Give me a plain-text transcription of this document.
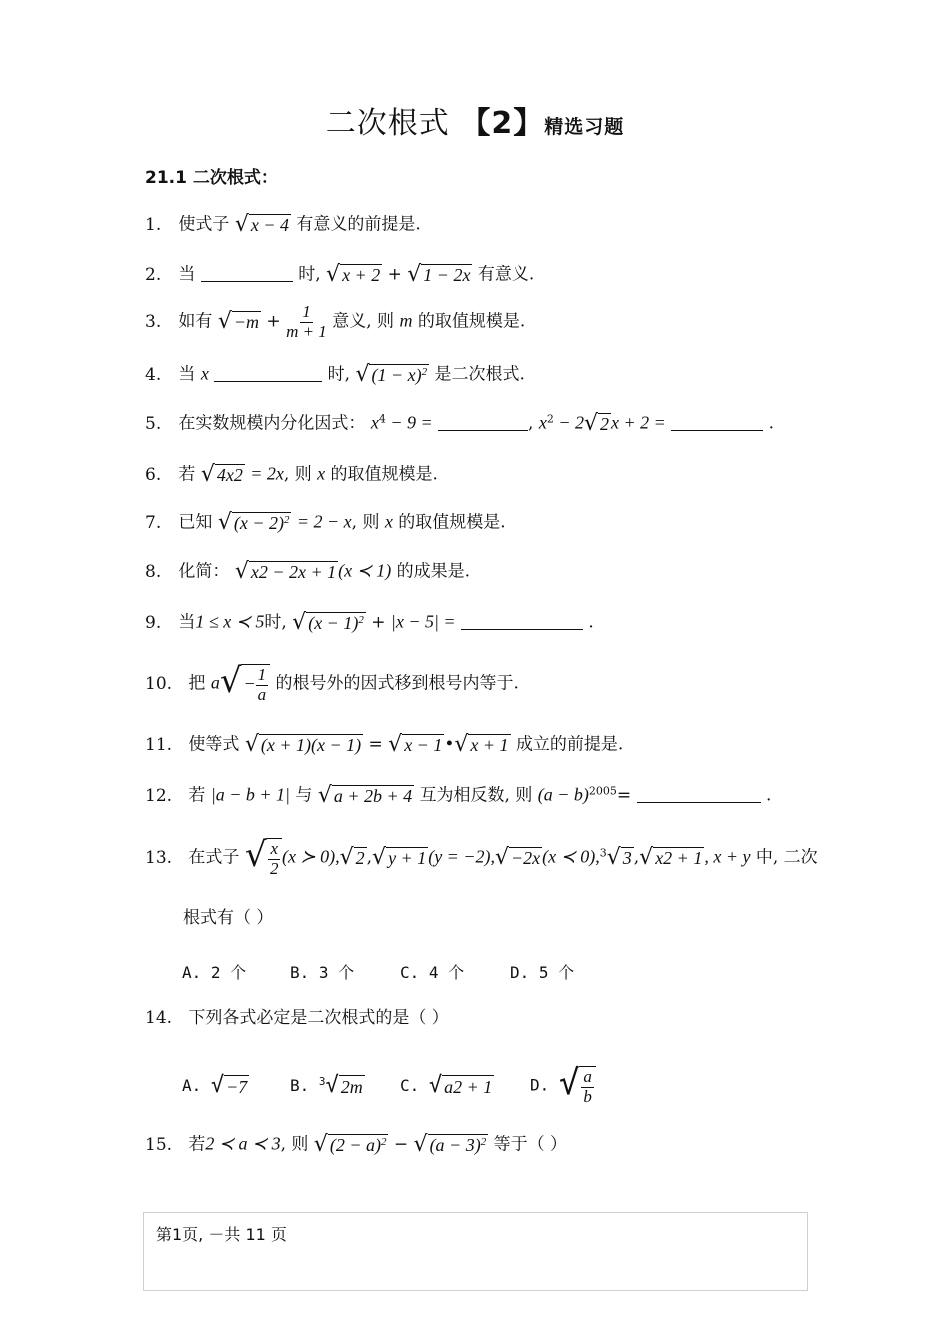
二次根式 【2】精选习题
21.1 二次根式：
1. 使式子 √ x − 4 有意义的前提是.
2. 当	时, √ x + 2 + √ 1 − 2x 有意义.
3. 如有 √ $-m + \frac{1}{m + 1}$ 意义, 则 m 的取值规模是.
4. 当 x	时, √ $(1 - x)^2$ 是二次根式.
5. 在实数规模内分化因式： $x^4 - 9$ =	, $x^2 - 2$ √ 2 x + 2 =	.
6. 若 √ 4x2 = 2x, 则 x 的取值规模是.
7. 已知 √ $(x - 2)^2 = 2 - x$, 则 x 的取值规模是.
8. 化简： √ x2 − 2x + 1 (x ≺ 1) 的成果是.
9. 当1 ≤ x ≺ 5时, √ $(x - 1)^2 + |x - 5|$ =	.
10. 把 a √ − $\frac{1}{a}$ 的根号外的因式移到根号内等于.
11. 使等式 √ (x + 1)(x − 1) = √ x − 1 • √ x + 1 成立的前提是.
12. 若 |a − b + 1| 与 √ a + 2b + 4 互为相反数, 则 $(a - b)^{2005}=$	.
13. 在式子 √ $\frac{x}{2} (x$ ≻ 0), √ 2 , √ y + 1 (y = −2), √ −2x (x ≺ 0),$^3$ √ 3 , √ x2 + 1 , x + y 中, 二次
根式有（ ）
A. 2 个	B. 3 个	C. 4 个	D. 5 个
14. 下列各式必定是二次根式的是（ ）
A. √ −7	B. $^3$ √ 2m C. √ a2 + 1 D. √ $\frac{a}{b}$
15. 若2 ≺ a ≺ 3, 则 √ $(2 - a)^2$ − √ $(a - 3)^2$ 等于（ ）
第1页, －共 11 页
